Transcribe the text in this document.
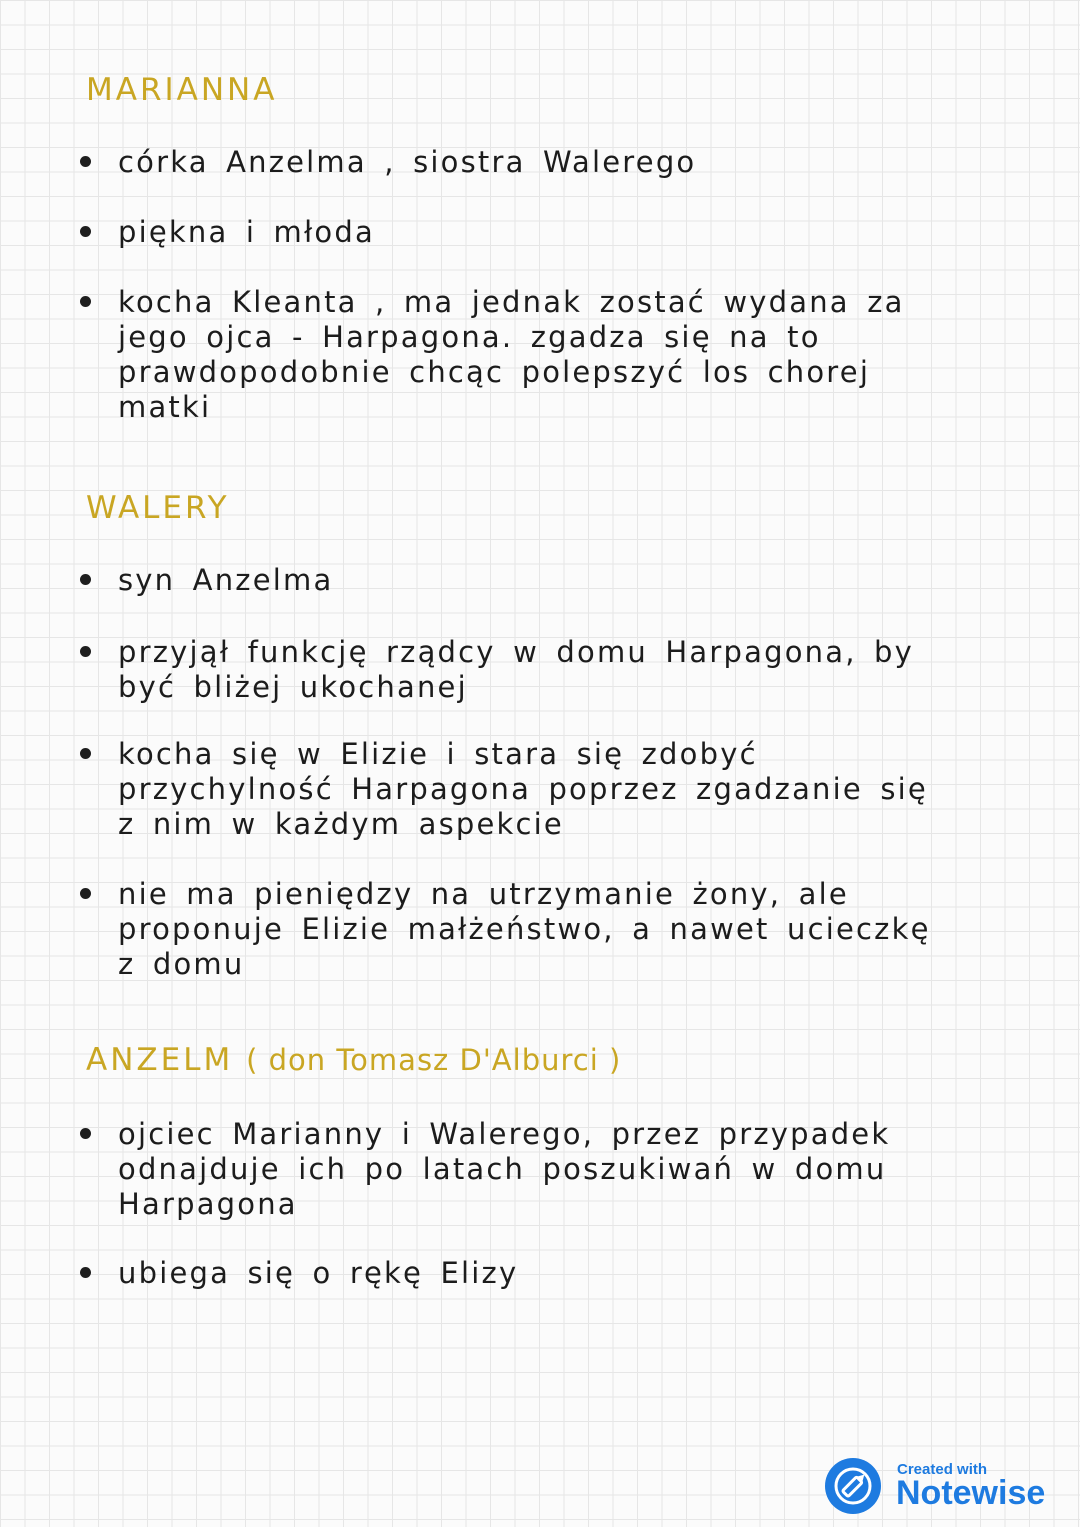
MARIANNA
córka Anzelma , siostra Walerego
piękna i młoda
kocha Kleanta , ma jednak zostać wydana za jego ojca - Harpagona. zgadza się na to prawdopodobnie chcąc polepszyć los chorej matki
WALERY
syn Anzelma
przyjął funkcję rządcy w domu Harpagona, by być bliżej ukochanej
kocha się w Elizie i stara się zdobyć przychylność Harpagona poprzez zgadzanie się z nim w każdym aspekcie
nie ma pieniędzy na utrzymanie żony, ale proponuje Elizie małżeństwo, a nawet ucieczkę z domu
ANZELM ( don Tomasz D'Alburci )
ojciec Marianny i Walerego, przez przypadek odnajduje ich po latach poszukiwań w domu Harpagona
ubiega się o rękę Elizy
Created with
Notewise
